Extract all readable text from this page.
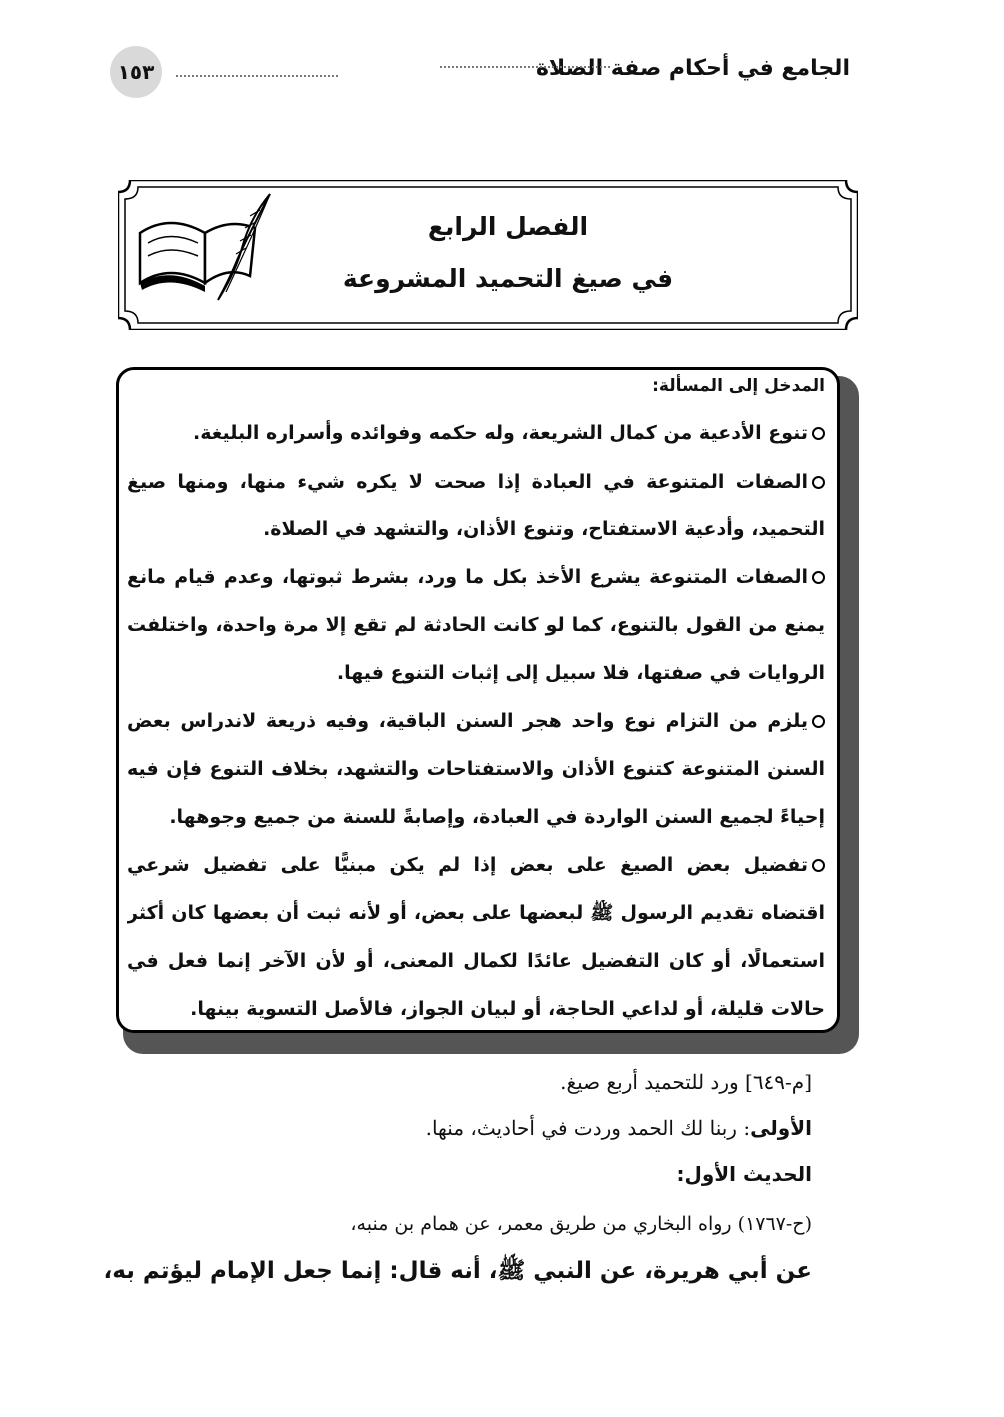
الجامع في أحكام صفة الصلاة
١٥٣
الفصل الرابع
في صيغ التحميد المشروعة
المدخل إلى المسألة:
تنوع الأدعية من كمال الشريعة، وله حكمه وفوائده وأسراره البليغة.
الصفات المتنوعة في العبادة إذا صحت لا يكره شيء منها، ومنها صيغ
التحميد، وأدعية الاستفتاح، وتنوع الأذان، والتشهد في الصلاة.
الصفات المتنوعة يشرع الأخذ بكل ما ورد، بشرط ثبوتها، وعدم قيام مانع
يمنع من القول بالتنوع، كما لو كانت الحادثة لم تقع إلا مرة واحدة، واختلفت
الروايات في صفتها، فلا سبيل إلى إثبات التنوع فيها.
يلزم من التزام نوع واحد هجر السنن الباقية، وفيه ذريعة لاندراس بعض
السنن المتنوعة كتنوع الأذان والاستفتاحات والتشهد، بخلاف التنوع فإن فيه
إحياءً لجميع السنن الواردة في العبادة، وإصابةً للسنة من جميع وجوهها.
تفضيل بعض الصيغ على بعض إذا لم يكن مبنيًّا على تفضيل شرعي
اقتضاه تقديم الرسول ﷺ لبعضها على بعض، أو لأنه ثبت أن بعضها كان أكثر
استعمالًا، أو كان التفضيل عائدًا لكمال المعنى، أو لأن الآخر إنما فعل في
حالات قليلة، أو لداعي الحاجة، أو لبيان الجواز، فالأصل التسوية بينها.
[م-٦٤٩] ورد للتحميد أربع صيغ.
الأولى: ربنا لك الحمد وردت في أحاديث، منها.
الحديث الأول:
(ح-١٧٦٧) رواه البخاري من طريق معمر، عن همام بن منبه،
عن أبي هريرة، عن النبي ﷺ، أنه قال: إنما جعل الإمام ليؤتم به،
